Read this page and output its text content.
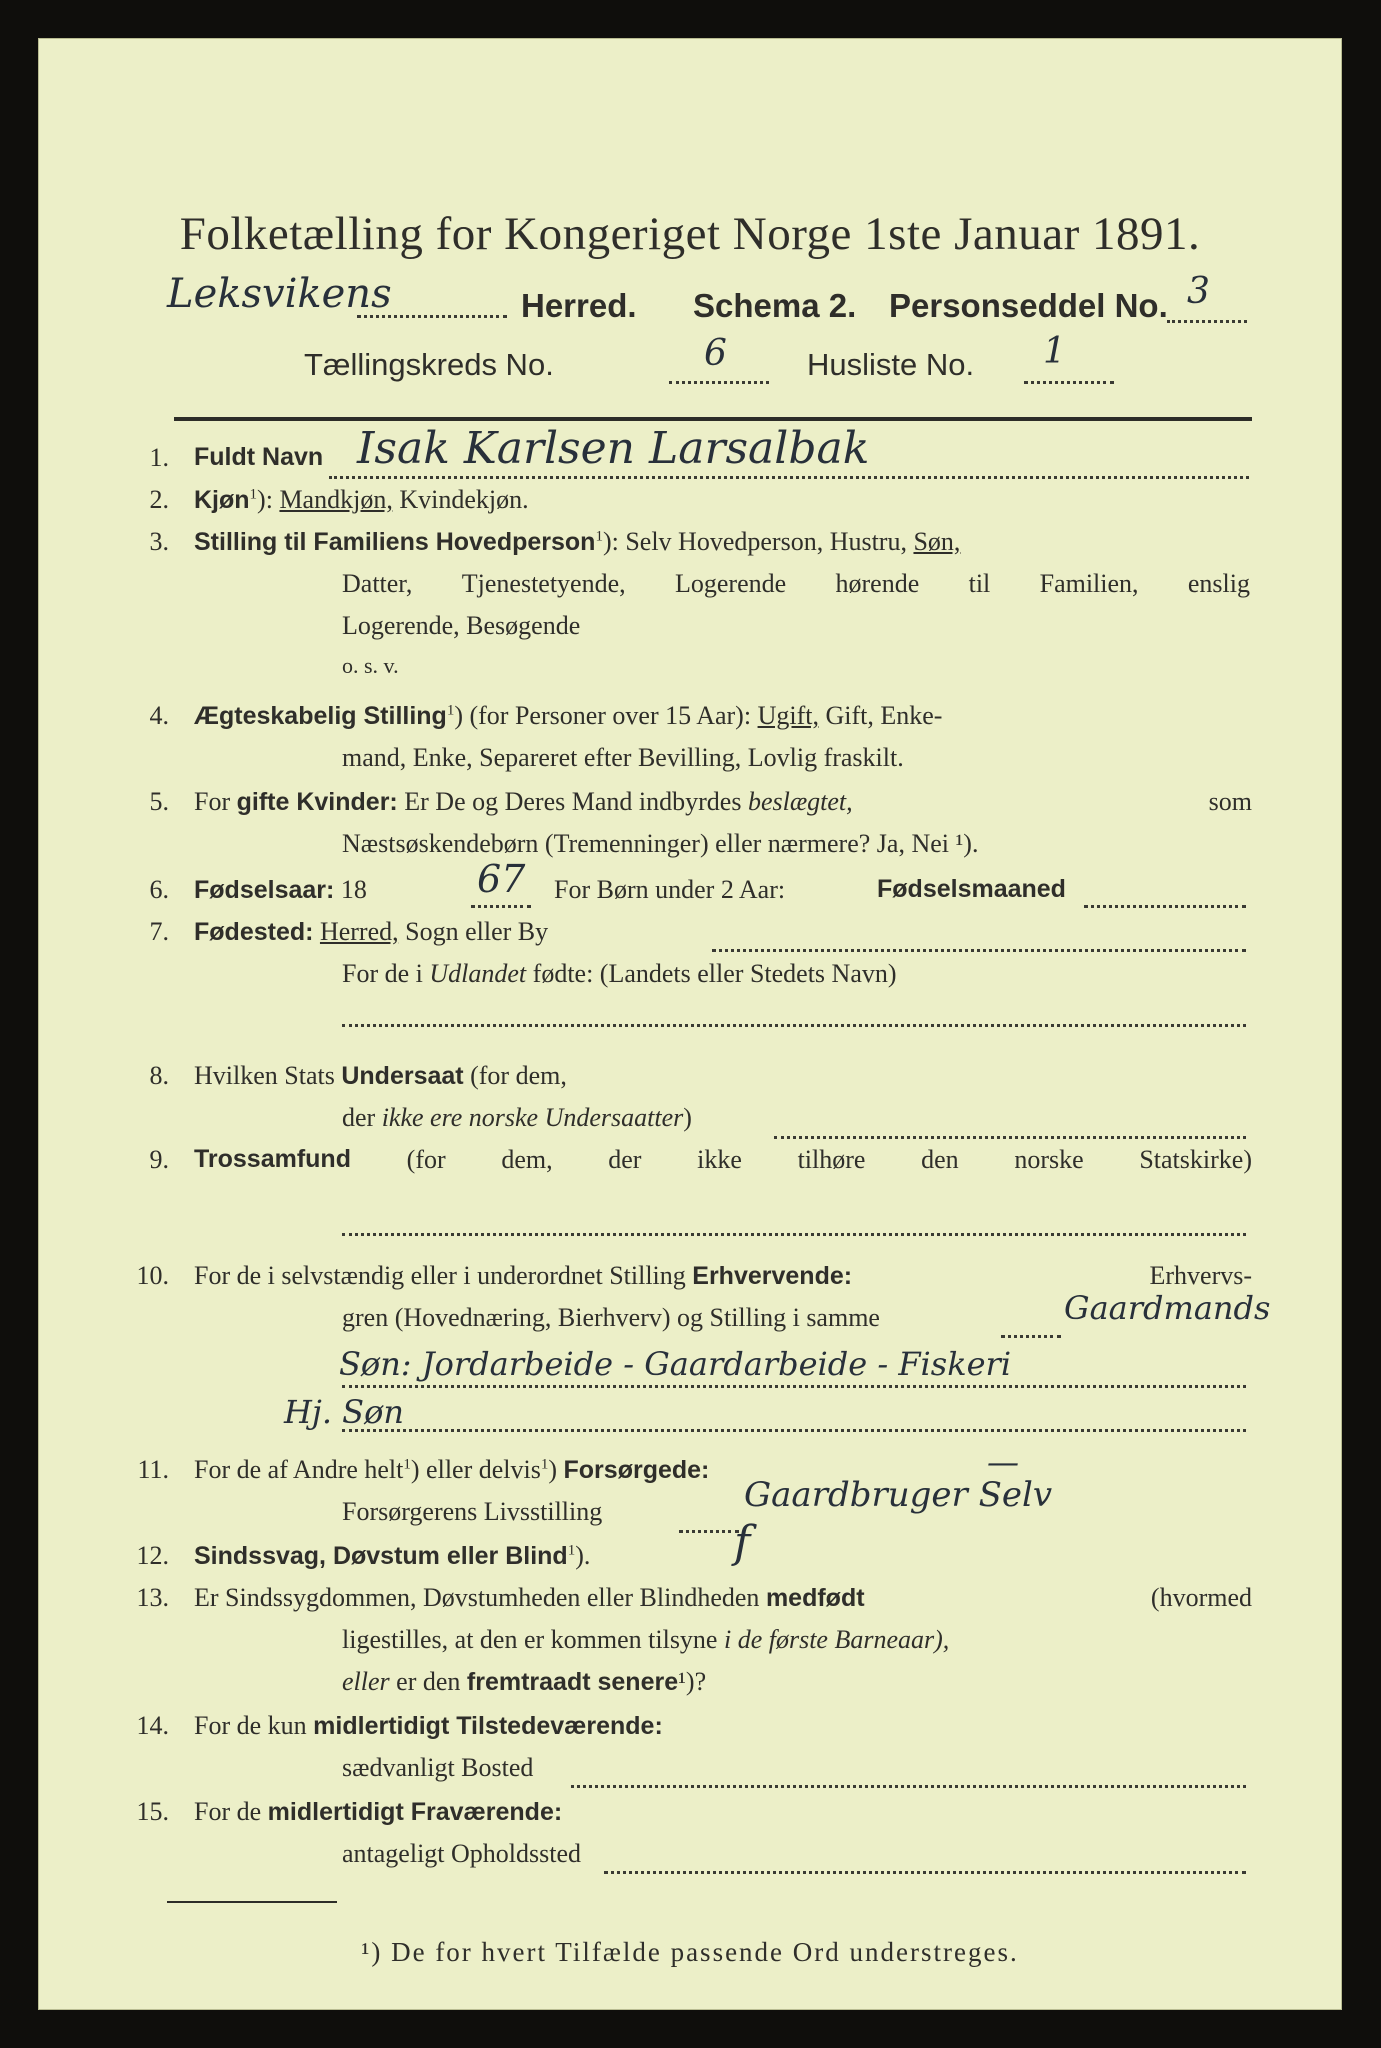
Folketælling for Kongeriget Norge 1ste Januar 1891.
Leksvikens	Herred. Schema 2. Personseddel No. 3
Tællingskreds No.	6	Husliste No. 1
1. Fuldt Navn Isak Karlsen Larsalbak
2. Kjøn$^1$): Mandkjøn, Kvindekjøn.
3. Stilling til Familiens Hovedperson$^1$): Selv Hovedperson, Hustru, Søn,
Datter, Tjenestetyende, Logerende hørende til Familien, enslig
Logerende, Besøgende
o. s. v.
4. Ægteskabelig Stilling$^1$) (for Personer over 15 Aar): Ugift, Gift, Enke-
mand, Enke, Separeret efter Bevilling, Lovlig fraskilt.
5. For gifte Kvinder: Er De og Deres Mand indbyrdes beslægtet,	som
Næstsøskendebørn (Tremenninger) eller nærmere? Ja, Nei ¹).
6. Fødselsaar: 18	For Børn under 2 Aar:	Fødselsmaaned
67
7. Fødested: Herred, Sogn eller By
For de i Udlandet fødte: (Landets eller Stedets Navn)
8. Hvilken Stats Undersaat (for dem,
der ikke ere norske Undersaatter)
9. Trossamfund (for dem, der ikke tilhøre den norske Statskirke)
10. For de i selvstændig eller i underordnet Stilling Erhvervende:	Erhvervs-
gren (Hovednæring, Bierhverv) og Stilling i samme	Gaardmands
Søn: Jordarbeide - Gaardarbeide - Fiskeri
Hj. Søn
11. For de af Andre helt$^1$) eller delvis$^1$) Forsørgede:	—
Forsørgerens Livsstilling	Gaardbruger Selv
12. Sindssvag, Døvstum eller Blind$^1$).	f
13. Er Sindssygdommen, Døvstumheden eller Blindheden medfødt	(hvormed
ligestilles, at den er kommen tilsyne i de første Barneaar),
eller er den fremtraadt senere¹)?
14. For de kun midlertidigt Tilstedeværende:
sædvanligt Bosted
15. For de midlertidigt Fraværende:
antageligt Opholdssted
¹) De for hvert Tilfælde passende Ord understreges.
